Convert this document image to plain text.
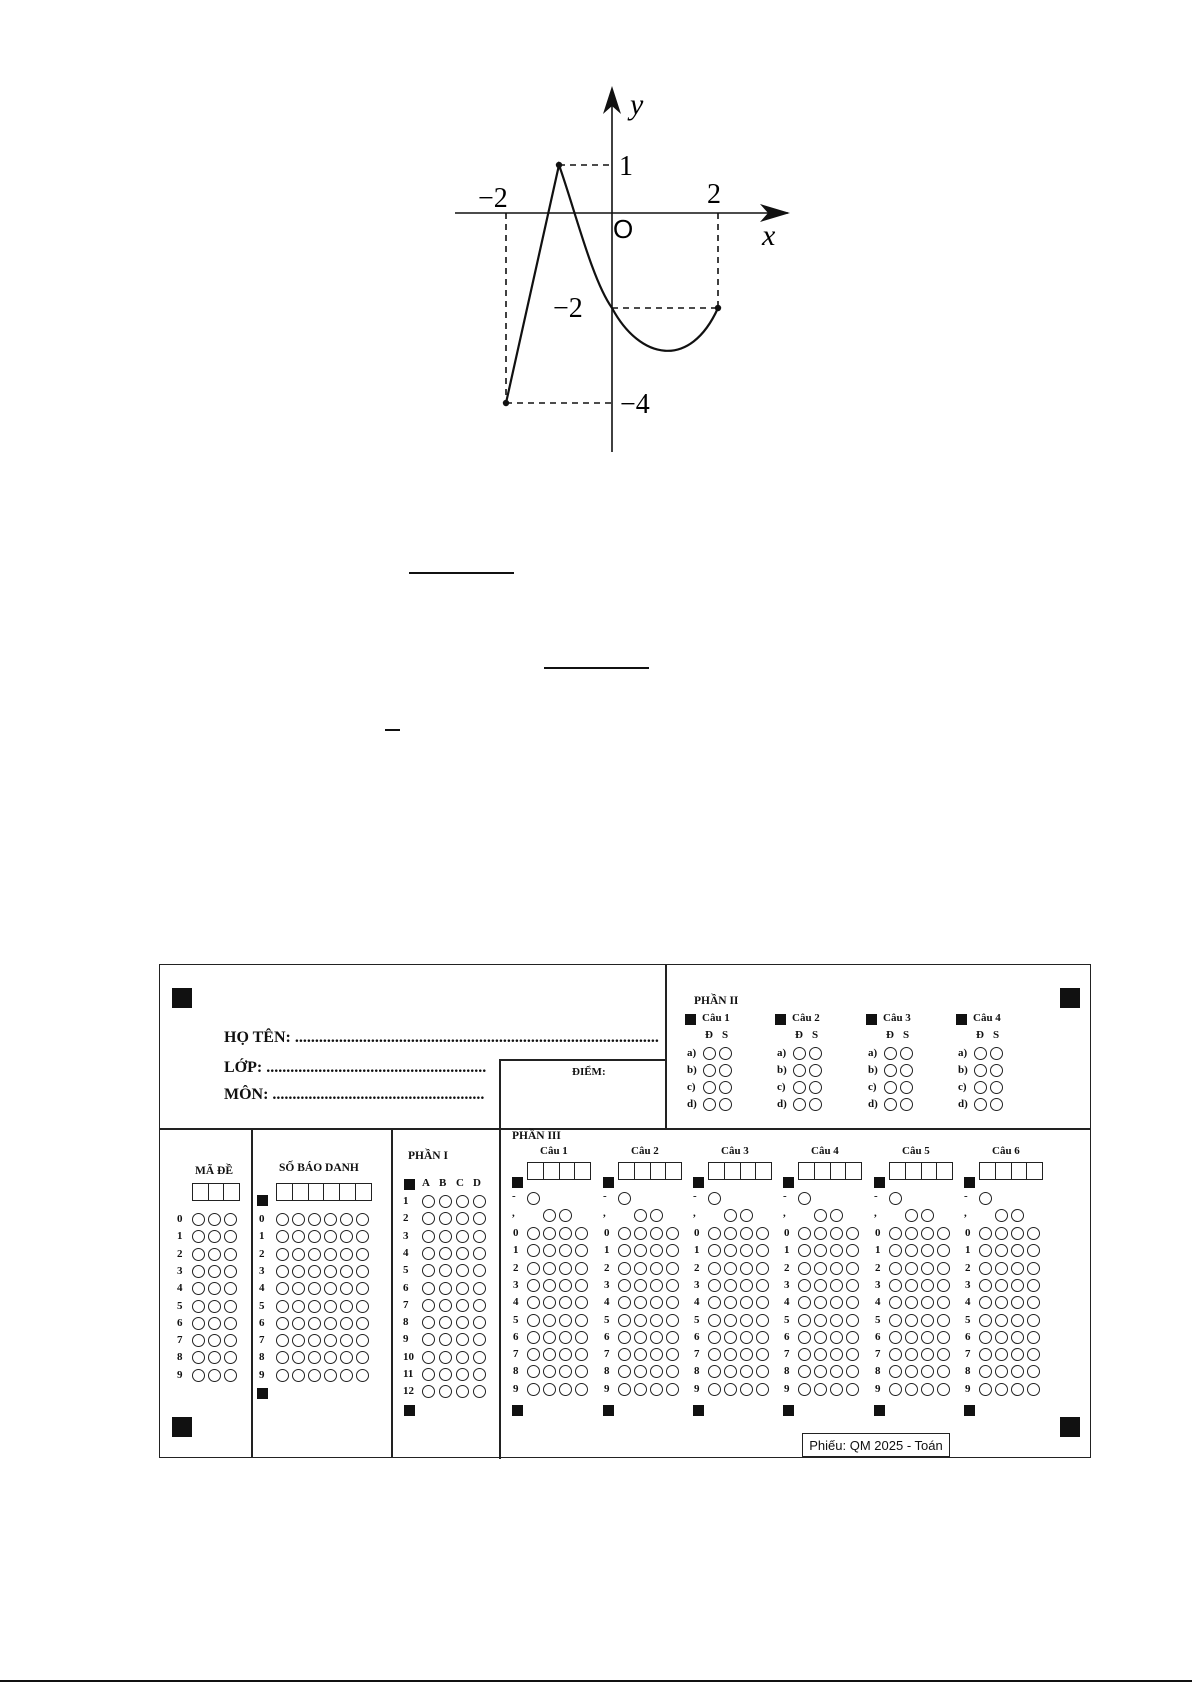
y
x
O
−2	2
1
−2
−4
HỌ TÊN: ...........................................................................................
LỚP: .......................................................
MÔN: .....................................................
ĐIỂM:
PHẦN II
MÃ ĐỀ	SỐ BÁO DANH
PHẦN I
PHẦN III
Phiếu: QM 2025 - Toán
Câu 1
Đ S
a)
b)
c)
d)
Câu 2
Đ S
a)
b)
c)
d)
Câu 3
Đ S
a)
b)
c)
d)
Câu 4
Đ S
a)
b)
c)
d)
0
1
2
3
4
5
6
7
8
9
0
1
2
3
4
5
6
7
8
9
A B C D
1
2
3
4
5
6
7
8
9
10
11
12
Câu 1
-
,
0
1
2
3
4
5
6
7
8
9
Câu 2
-
,
0
1
2
3
4
5
6
7
8
9
Câu 3
-
,
0
1
2
3
4
5
6
7
8
9
Câu 4
-
,
0
1
2
3
4
5
6
7
8
9
Câu 5
-
,
0
1
2
3
4
5
6
7
8
9
Câu 6
-
,
0
1
2
3
4
5
6
7
8
9
